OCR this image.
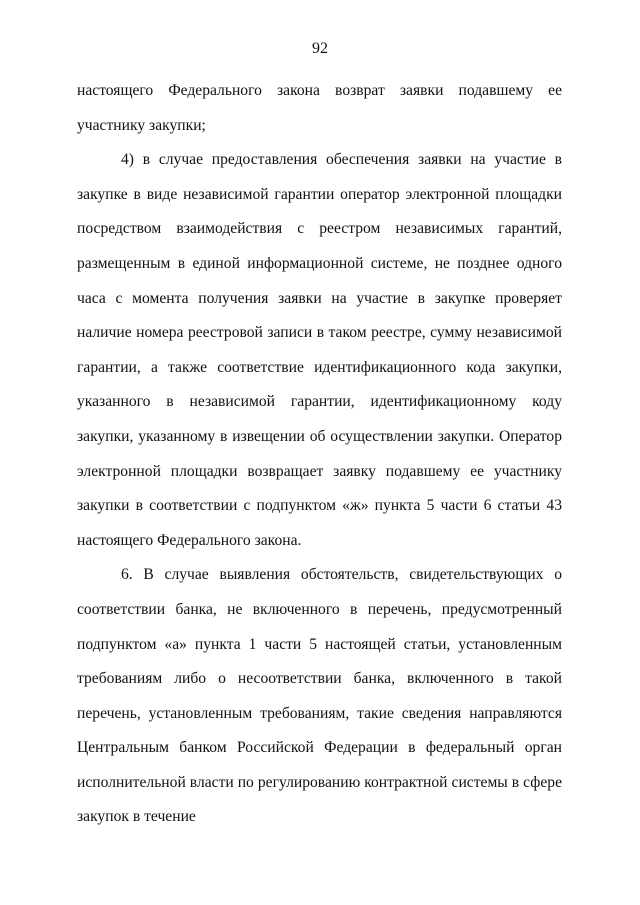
92

настоящего Федерального закона возврат заявки подавшему ее участнику закупки;

4) в случае предоставления обеспечения заявки на участие в закупке в виде независимой гарантии оператор электронной площадки посредством взаимодействия с реестром независимых гарантий, размещенным в единой информационной системе, не позднее одного часа с момента получения заявки на участие в закупке проверяет наличие номера реестровой записи в таком реестре, сумму независимой гарантии, а также соответствие идентификационного кода закупки, указанного в независимой гарантии, идентификационному коду закупки, указанному в извещении об осуществлении закупки. Оператор электронной площадки возвращает заявку подавшему ее участнику закупки в соответствии с подпунктом «ж» пункта 5 части 6 статьи 43 настоящего Федерального закона.

6. В случае выявления обстоятельств, свидетельствующих о соответствии банка, не включенного в перечень, предусмотренный подпунктом «а» пункта 1 части 5 настоящей статьи, установленным требованиям либо о несоответствии банка, включенного в такой перечень, установленным требованиям, такие сведения направляются Центральным банком Российской Федерации в федеральный орган исполнительной власти по регулированию контрактной системы в сфере закупок в течение
